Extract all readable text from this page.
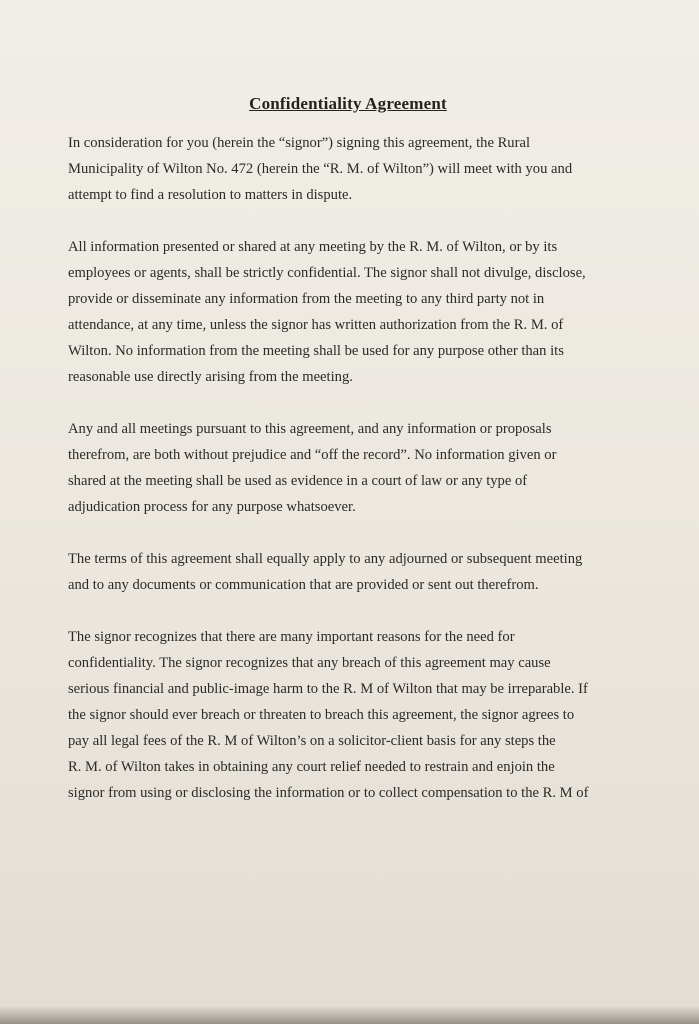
Confidentiality Agreement
In consideration for you (herein the “signor”) signing this agreement, the Rural
Municipality of Wilton No. 472 (herein the “R. M. of Wilton”) will meet with you and
attempt to find a resolution to matters in dispute.
All information presented or shared at any meeting by the R. M. of Wilton, or by its
employees or agents, shall be strictly confidential. The signor shall not divulge, disclose,
provide or disseminate any information from the meeting to any third party not in
attendance, at any time, unless the signor has written authorization from the R. M. of
Wilton. No information from the meeting shall be used for any purpose other than its
reasonable use directly arising from the meeting.
Any and all meetings pursuant to this agreement, and any information or proposals
therefrom, are both without prejudice and “off the record”. No information given or
shared at the meeting shall be used as evidence in a court of law or any type of
adjudication process for any purpose whatsoever.
The terms of this agreement shall equally apply to any adjourned or subsequent meeting
and to any documents or communication that are provided or sent out therefrom.
The signor recognizes that there are many important reasons for the need for
confidentiality. The signor recognizes that any breach of this agreement may cause
serious financial and public-image harm to the R. M of Wilton that may be irreparable. If
the signor should ever breach or threaten to breach this agreement, the signor agrees to
pay all legal fees of the R. M of Wilton’s on a solicitor-client basis for any steps the
R. M. of Wilton takes in obtaining any court relief needed to restrain and enjoin the
signor from using or disclosing the information or to collect compensation to the R. M of
